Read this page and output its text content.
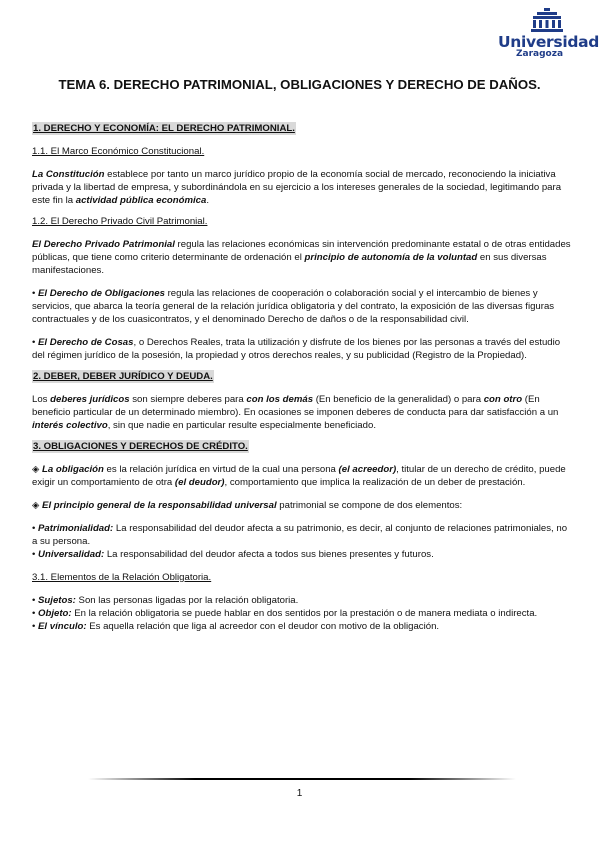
Universidad
Zaragoza
TEMA 6. DERECHO PATRIMONIAL, OBLIGACIONES Y DERECHO DE DAÑOS.

1. DERECHO Y ECONOMÍA: EL DERECHO PATRIMONIAL.

1.1. El Marco Económico Constitucional.

La Constitución establece por tanto un marco jurídico propio de la economía social de mercado, reconociendo la iniciativa privada y la libertad de empresa, y subordinándola en su ejercicio a los intereses generales de la sociedad, legitimando para este fin la actividad pública económica.

1.2. El Derecho Privado Civil Patrimonial.

El Derecho Privado Patrimonial regula las relaciones económicas sin intervención predominante estatal o de otras entidades públicas, que tiene como criterio determinante de ordenación el principio de autonomía de la voluntad en sus diversas manifestaciones.

• El Derecho de Obligaciones regula las relaciones de cooperación o colaboración social y el intercambio de bienes y servicios, que abarca la teoría general de la relación jurídica obligatoria y del contrato, la exposición de las diversas figuras contractuales y de los cuasicontratos, y el denominado Derecho de daños o de la responsabilidad civil.

• El Derecho de Cosas, o Derechos Reales, trata la utilización y disfrute de los bienes por las personas a través del estudio del régimen jurídico de la posesión, la propiedad y otros derechos reales, y su publicidad (Registro de la Propiedad).

2. DEBER, DEBER JURÍDICO Y DEUDA.

Los deberes jurídicos son siempre deberes para con los demás (En beneficio de la generalidad) o para con otro (En beneficio particular de un determinado miembro). En ocasiones se imponen deberes de conducta para dar satisfacción a un interés colectivo, sin que nadie en particular resulte especialmente beneficiado.

3. OBLIGACIONES Y DERECHOS DE CRÉDITO.

◈ La obligación es la relación jurídica en virtud de la cual una persona (el acreedor), titular de un derecho de crédito, puede exigir un comportamiento de otra (el deudor), comportamiento que implica la realización de un deber de prestación.

◈ El principio general de la responsabilidad universal patrimonial se compone de dos elementos:

• Patrimonialidad: La responsabilidad del deudor afecta a su patrimonio, es decir, al conjunto de relaciones patrimoniales, no a su persona.

• Universalidad: La responsabilidad del deudor afecta a todos sus bienes presentes y futuros.

3.1. Elementos de la Relación Obligatoria.

• Sujetos: Son las personas ligadas por la relación obligatoria.

• Objeto: En la relación obligatoria se puede hablar en dos sentidos por la prestación o de manera mediata o indirecta.

• El vínculo: Es aquella relación que liga al acreedor con el deudor con motivo de la obligación.

1
